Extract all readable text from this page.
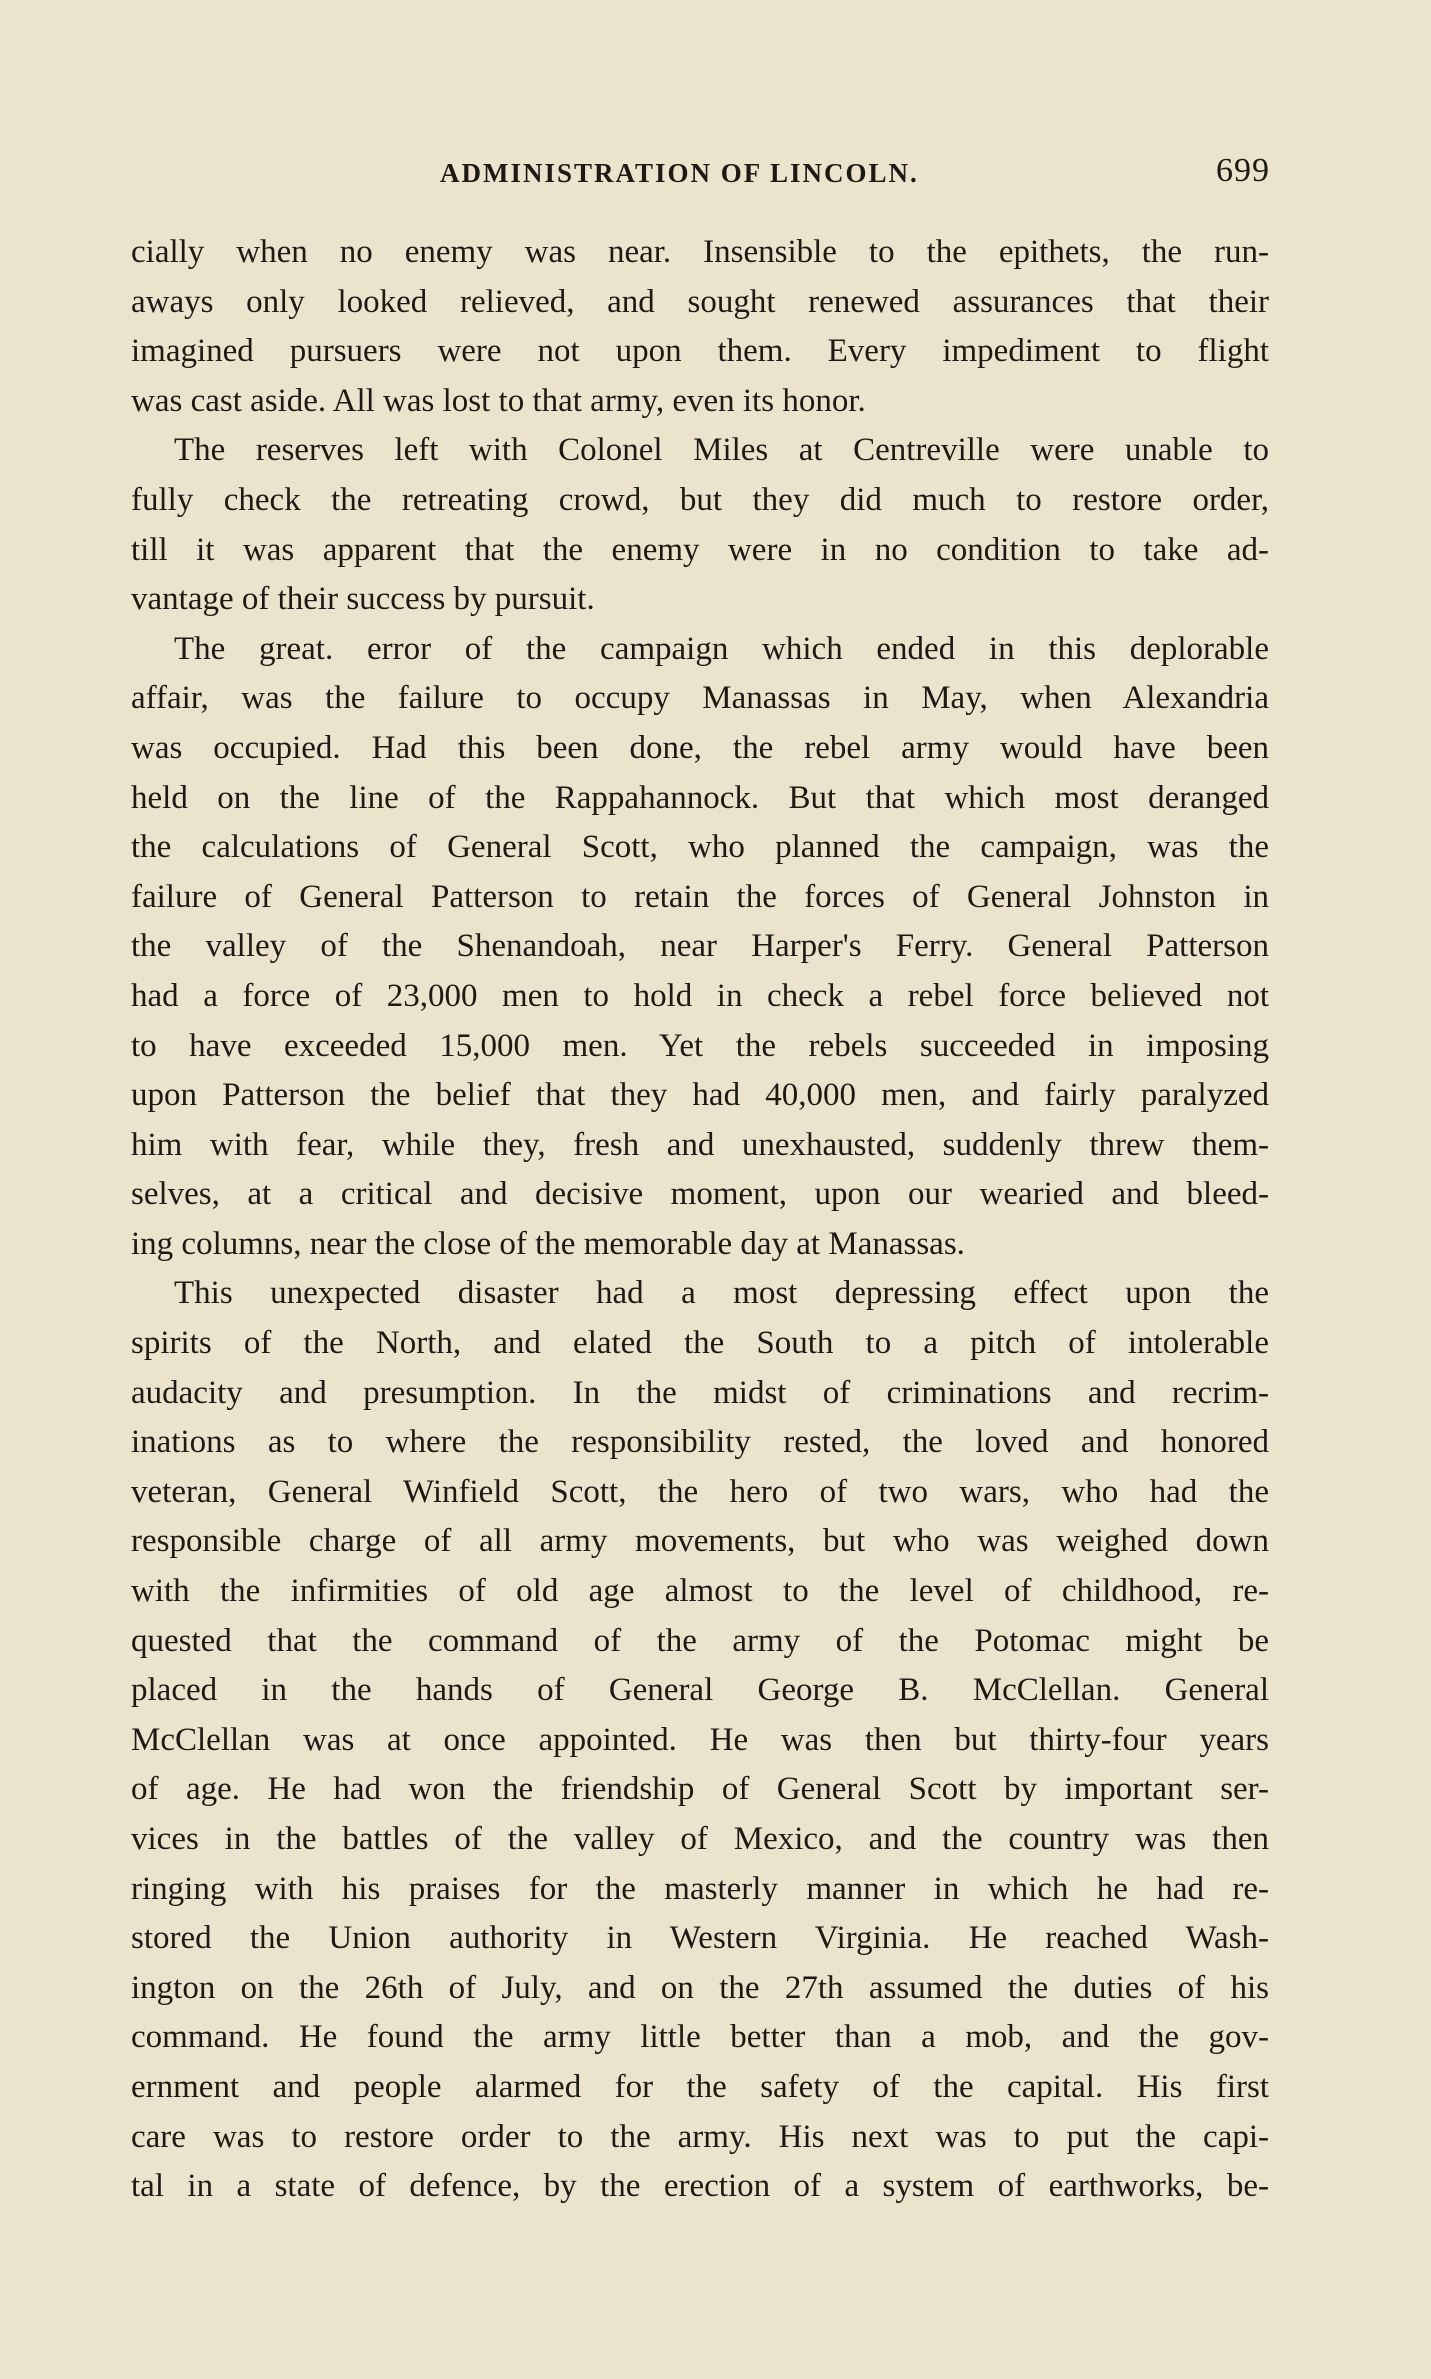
ADMINISTRATION OF LINCOLN.	699
cially when no enemy was near. Insensible to the epithets, the run-
aways only looked relieved, and sought renewed assurances that their
imagined pursuers were not upon them. Every impediment to flight
was cast aside. All was lost to that army, even its honor.
The reserves left with Colonel Miles at Centreville were unable to
fully check the retreating crowd, but they did much to restore order,
till it was apparent that the enemy were in no condition to take ad-
vantage of their success by pursuit.
The great. error of the campaign which ended in this deplorable
affair, was the failure to occupy Manassas in May, when Alexandria
was occupied. Had this been done, the rebel army would have been
held on the line of the Rappahannock. But that which most deranged
the calculations of General Scott, who planned the campaign, was the
failure of General Patterson to retain the forces of General Johnston in
the valley of the Shenandoah, near Harper's Ferry. General Patterson
had a force of 23,000 men to hold in check a rebel force believed not
to have exceeded 15,000 men. Yet the rebels succeeded in imposing
upon Patterson the belief that they had 40,000 men, and fairly paralyzed
him with fear, while they, fresh and unexhausted, suddenly threw them-
selves, at a critical and decisive moment, upon our wearied and bleed-
ing columns, near the close of the memorable day at Manassas.
This unexpected disaster had a most depressing effect upon the
spirits of the North, and elated the South to a pitch of intolerable
audacity and presumption. In the midst of criminations and recrim-
inations as to where the responsibility rested, the loved and honored
veteran, General Winfield Scott, the hero of two wars, who had the
responsible charge of all army movements, but who was weighed down
with the infirmities of old age almost to the level of childhood, re-
quested that the command of the army of the Potomac might be
placed in the hands of General George B. McClellan. General
McClellan was at once appointed. He was then but thirty-four years
of age. He had won the friendship of General Scott by important ser-
vices in the battles of the valley of Mexico, and the country was then
ringing with his praises for the masterly manner in which he had re-
stored the Union authority in Western Virginia. He reached Wash-
ington on the 26th of July, and on the 27th assumed the duties of his
command. He found the army little better than a mob, and the gov-
ernment and people alarmed for the safety of the capital. His first
care was to restore order to the army. His next was to put the capi-
tal in a state of defence, by the erection of a system of earthworks, be-
